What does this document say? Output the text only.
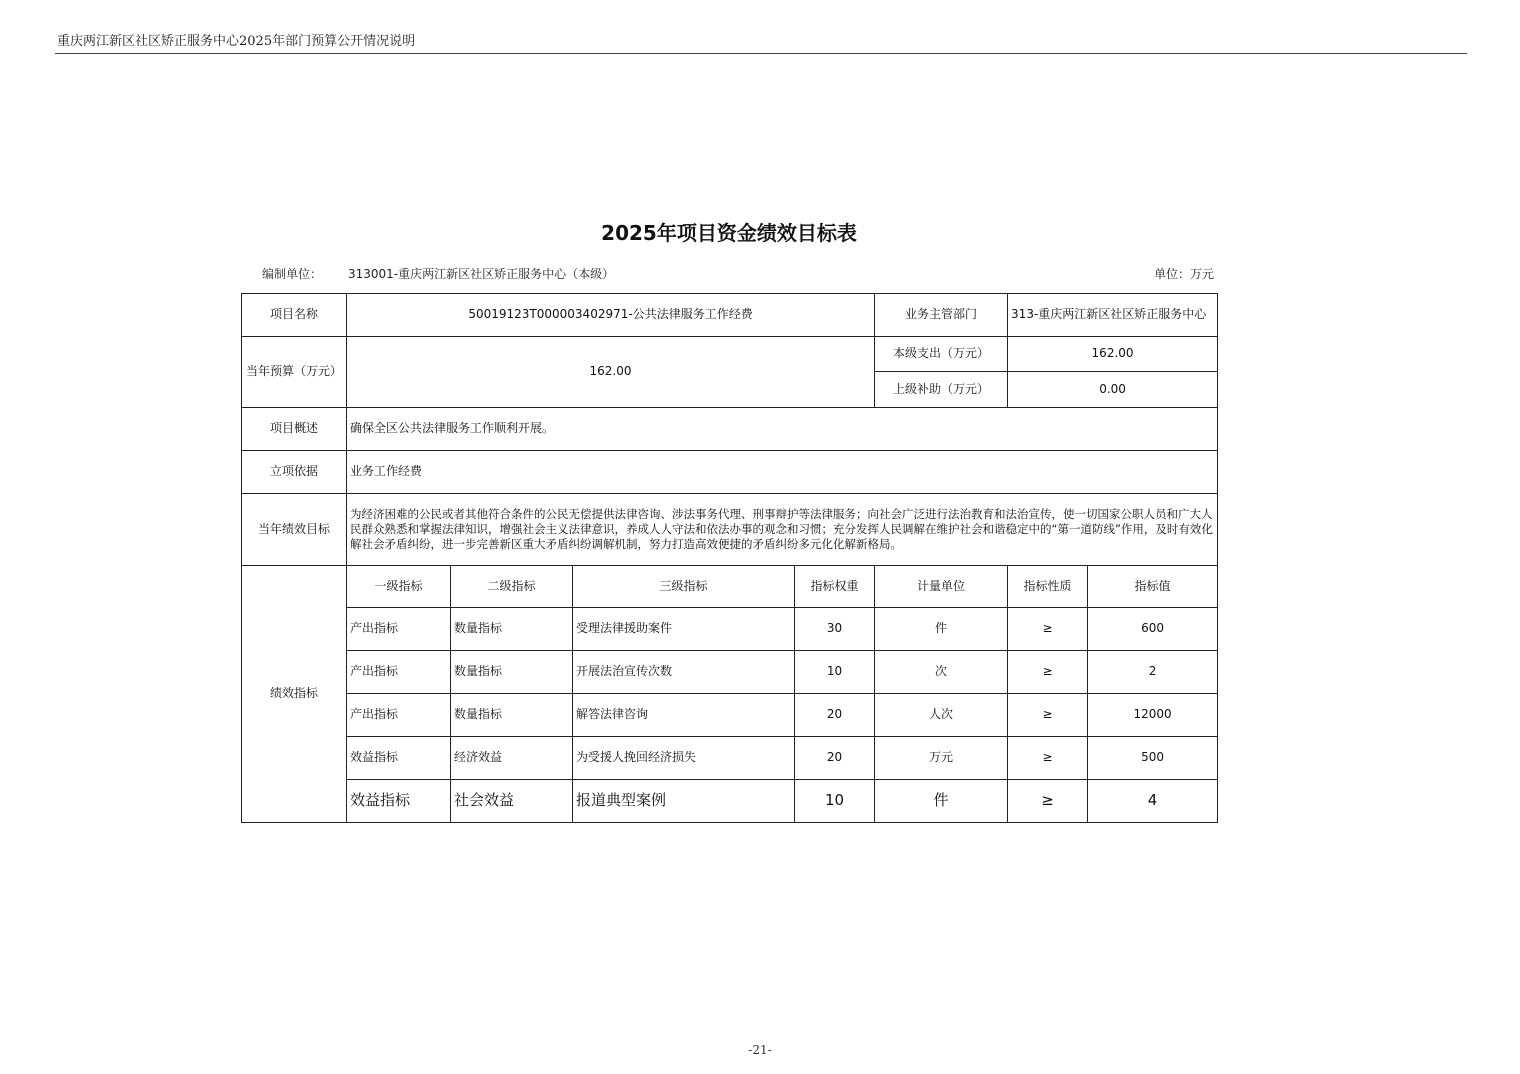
重庆两江新区社区矫正服务中心2025年部门预算公开情况说明
2025年项目资金绩效目标表
编制单位： 313001-重庆两江新区社区矫正服务中心（本级）	单位：万元
项目名称	50019123T000003402971-公共法律服务工作经费				业务主管部门	313-重庆两江新区社区矫正服务中心	
当年预算（万元）	162.00				本级支出（万元）	162.00	
					上级补助（万元）	0.00	
项目概述	确保全区公共法律服务工作顺利开展。						
立项依据	业务工作经费						
当年绩效目标	为经济困难的公民或者其他符合条件的公民无偿提供法律咨询、涉法事务代理、刑事辩护等法律服务；向社会广泛进行法治教育和法治宣传，使一切国家公职人员和广大人民群众熟悉和掌握法律知识，增强社会主义法律意识，养成人人守法和依法办事的观念和习惯；充分发挥人民调解在维护社会和谐稳定中的“第一道防线”作用，及时有效化解社会矛盾纠纷，进一步完善新区重大矛盾纠纷调解机制，努力打造高效便捷的矛盾纠纷多元化化解新格局。						
绩效指标	一级指标	二级指标	三级指标	指标权重	计量单位	指标性质	指标值
	产出指标	数量指标	受理法律援助案件	30	件	≥	600
	产出指标	数量指标	开展法治宣传次数	10	次	≥	2
	产出指标	数量指标	解答法律咨询	20	人次	≥	12000
	效益指标	经济效益	为受援人挽回经济损失	20	万元	≥	500
	效益指标	社会效益	报道典型案例	10	件	≥	4
-21-
